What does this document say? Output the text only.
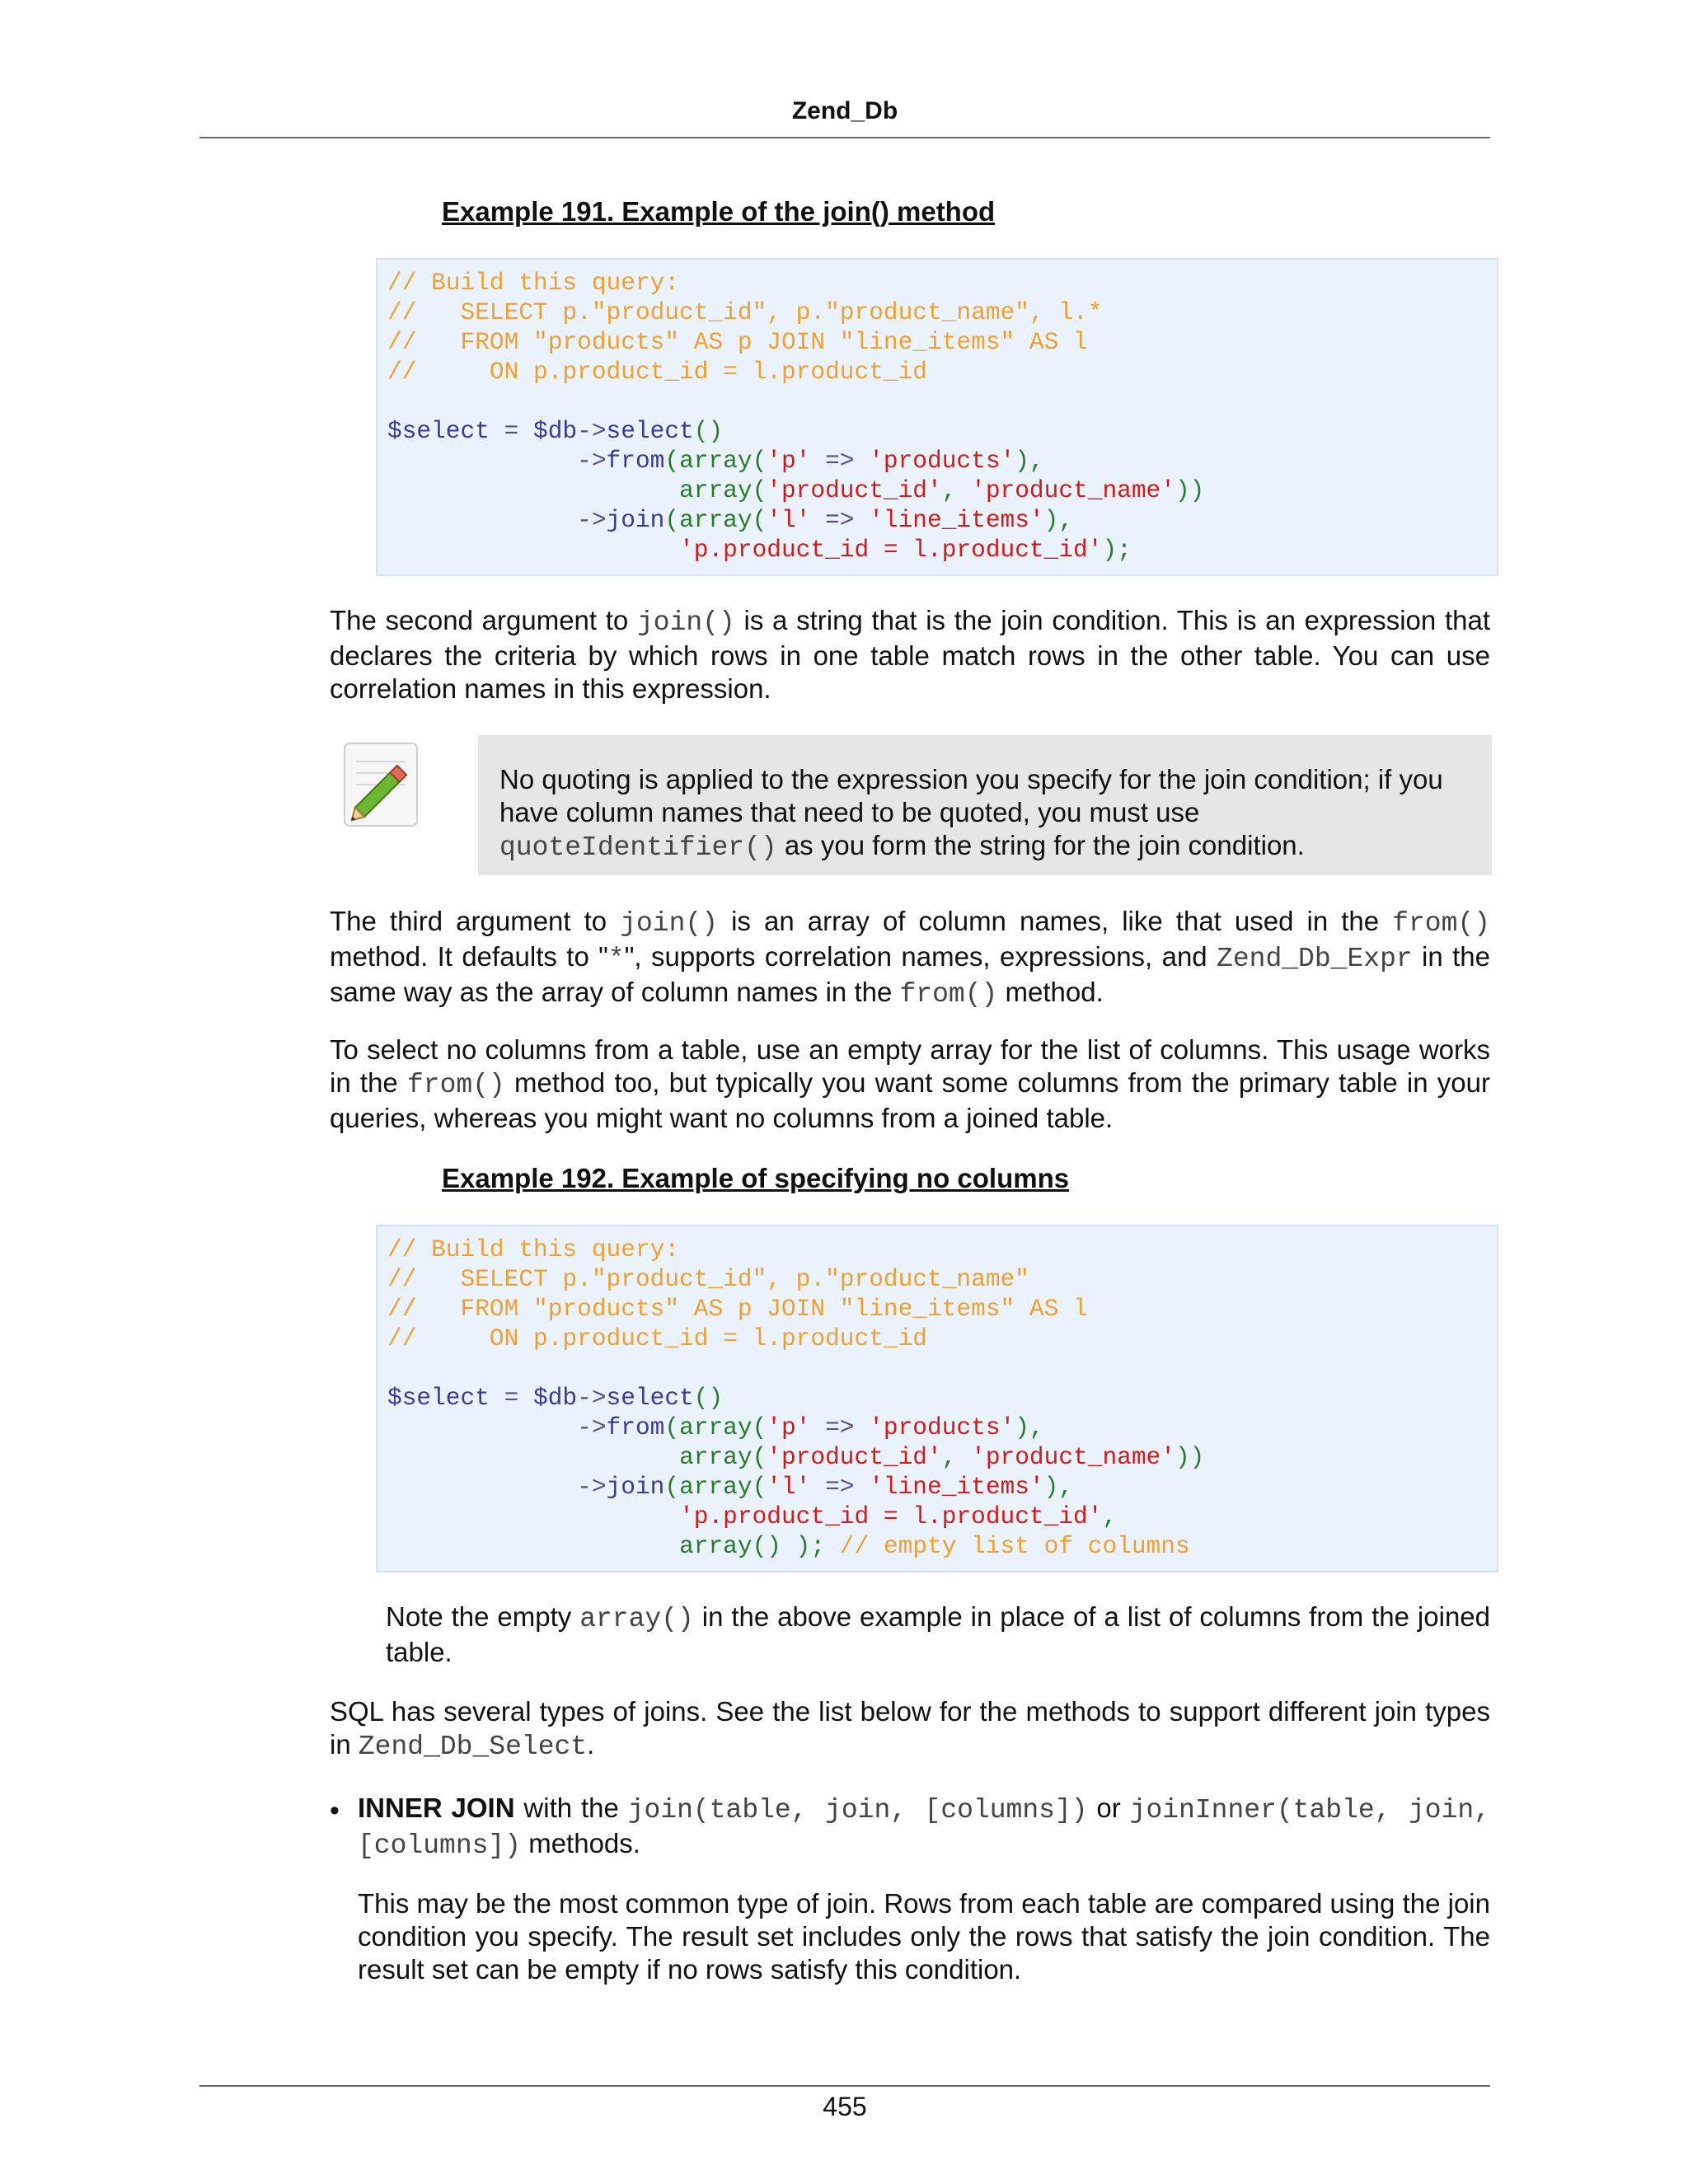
Zend_Db
Example 191. Example of the join() method
// Build this query:
//   SELECT p."product_id", p."product_name", l.*
//   FROM "products" AS p JOIN "line_items" AS l
//     ON p.product_id = l.product_id

$select = $db->select()
->from(array('p' => 'products'),
array('product_id', 'product_name'))
->join(array('l' => 'line_items'),
'p.product_id = l.product_id');
The second argument to join() is a string that is the join condition. This is an expression that declares the criteria by which rows in one table match rows in the other table. You can use correlation names in this expression.
No quoting is applied to the expression you specify for the join condition; if you have column names that need to be quoted, you must use quoteIdentifier() as you form the string for the join condition.
The third argument to join() is an array of column names, like that used in the from() method. It defaults to "*", supports correlation names, expressions, and Zend_Db_Expr in the same way as the array of column names in the from() method.
To select no columns from a table, use an empty array for the list of columns. This usage works in the from() method too, but typically you want some columns from the primary table in your queries, whereas you might want no columns from a joined table.
Example 192. Example of specifying no columns
// Build this query:
//   SELECT p."product_id", p."product_name"
//   FROM "products" AS p JOIN "line_items" AS l
//     ON p.product_id = l.product_id

$select = $db->select()
->from(array('p' => 'products'),
array('product_id', 'product_name'))
->join(array('l' => 'line_items'),
'p.product_id = l.product_id',
array() ); // empty list of columns
Note the empty array() in the above example in place of a list of columns from the joined table.
SQL has several types of joins. See the list below for the methods to support different join types in Zend_Db_Select.
• INNER JOIN with the join(table, join, [columns]) or joinInner(table, join, [columns]) methods.
This may be the most common type of join. Rows from each table are compared using the join condition you specify. The result set includes only the rows that satisfy the join condition. The result set can be empty if no rows satisfy this condition.
455
